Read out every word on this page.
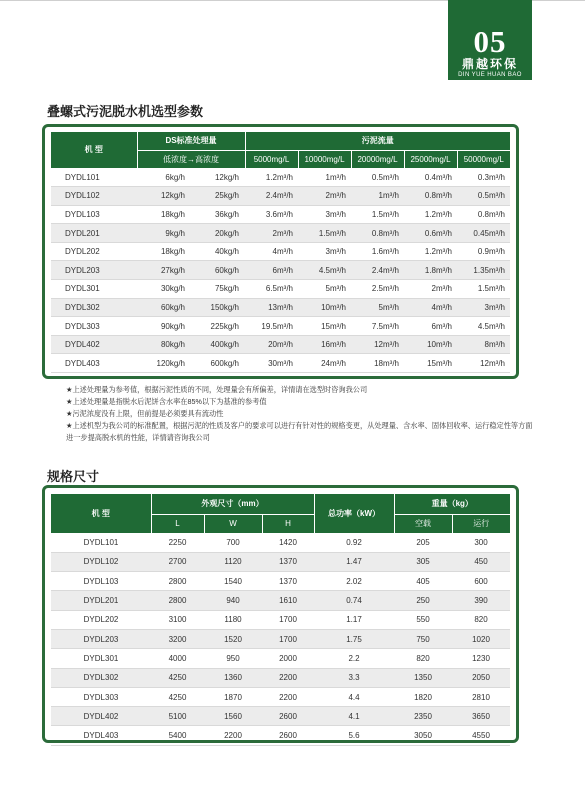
05
鼎越环保
DIN YUE HUAN BAO
叠螺式污泥脱水机选型参数
机 型	DS标准处理量		污泥流量				
	低浓度→高浓度		5000mg/L	10000mg/L	20000mg/L	25000mg/L	50000mg/L
DYDL101	6kg/h	12kg/h	1.2m³/h	1m³/h	0.5m³/h	0.4m³/h	0.3m³/h
DYDL102	12kg/h	25kg/h	2.4m³/h	2m³/h	1m³/h	0.8m³/h	0.5m³/h
DYDL103	18kg/h	36kg/h	3.6m³/h	3m³/h	1.5m³/h	1.2m³/h	0.8m³/h
DYDL201	9kg/h	20kg/h	2m³/h	1.5m³/h	0.8m³/h	0.6m³/h	0.45m³/h
DYDL202	18kg/h	40kg/h	4m³/h	3m³/h	1.6m³/h	1.2m³/h	0.9m³/h
DYDL203	27kg/h	60kg/h	6m³/h	4.5m³/h	2.4m³/h	1.8m³/h	1.35m³/h
DYDL301	30kg/h	75kg/h	6.5m³/h	5m³/h	2.5m³/h	2m³/h	1.5m³/h
DYDL302	60kg/h	150kg/h	13m³/h	10m³/h	5m³/h	4m³/h	3m³/h
DYDL303	90kg/h	225kg/h	19.5m³/h	15m³/h	7.5m³/h	6m³/h	4.5m³/h
DYDL402	80kg/h	400kg/h	20m³/h	16m³/h	12m³/h	10m³/h	8m³/h
DYDL403	120kg/h	600kg/h	30m³/h	24m³/h	18m³/h	15m³/h	12m³/h

★上述处理量为参考值，根据污泥性质的不同，处理量会有所偏差，详情请在选型时咨询我公司

★上述处理量是指脱水后泥饼含水率在85%以下为基准的参考值

★污泥浓度没有上限，但前提是必须要具有流动性

★上述机型为我公司的标准配置，根据污泥的性质及客户的要求可以进行有针对性的规格变更，从处理量、含水率、固体回收率、运行稳定性等方面进一步提高脱水机的性能，详情请咨询我公司

规格尺寸
机 型	外观尺寸（mm）			总功率（kW）	重量（kg）	
	L	W	H		空载	运行
DYDL101	2250	700	1420	0.92	205	300
DYDL102	2700	1120	1370	1.47	305	450
DYDL103	2800	1540	1370	2.02	405	600
DYDL201	2800	940	1610	0.74	250	390
DYDL202	3100	1180	1700	1.17	550	820
DYDL203	3200	1520	1700	1.75	750	1020
DYDL301	4000	950	2000	2.2	820	1230
DYDL302	4250	1360	2200	3.3	1350	2050
DYDL303	4250	1870	2200	4.4	1820	2810
DYDL402	5100	1560	2600	4.1	2350	3650
DYDL403	5400	2200	2600	5.6	3050	4550
